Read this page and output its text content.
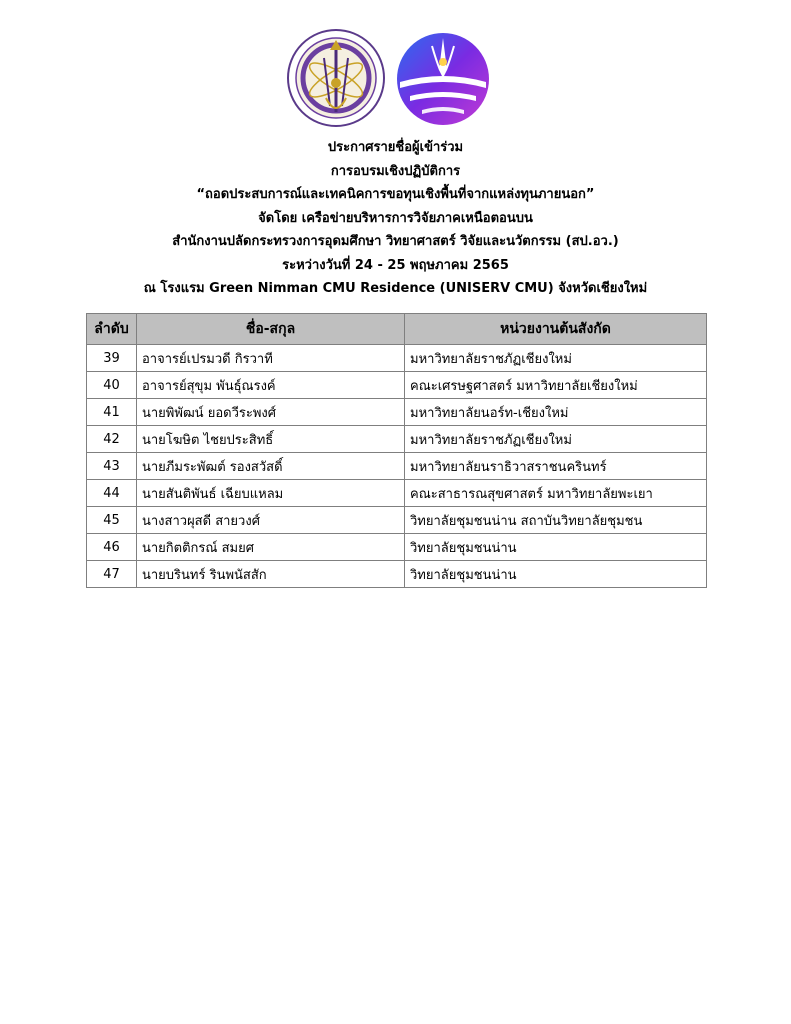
ประกาศรายชื่อผู้เข้าร่วม
การอบรมเชิงปฏิบัติการ
“ถอดประสบการณ์และเทคนิคการขอทุนเชิงพื้นที่จากแหล่งทุนภายนอก”
จัดโดย เครือข่ายบริหารการวิจัยภาคเหนือตอนบน
สำนักงานปลัดกระทรวงการอุดมศึกษา วิทยาศาสตร์ วิจัยและนวัตกรรม (สป.อว.)
ระหว่างวันที่ 24 - 25 พฤษภาคม 2565
ณ โรงแรม Green Nimman CMU Residence (UNISERV CMU) จังหวัดเชียงใหม่
ลำดับ	ชื่อ-สกุล	หน่วยงานต้นสังกัด
39	อาจารย์เปรมวดี กิรวาที	มหาวิทยาลัยราชภัฏเชียงใหม่
40	อาจารย์สุขุม พันธุ์ณรงค์	คณะเศรษฐศาสตร์ มหาวิทยาลัยเชียงใหม่
41	นายพิพัฒน์ ยอดวีระพงศ์	มหาวิทยาลัยนอร์ท-เชียงใหม่
42	นายโฆษิต ไชยประสิทธิ์	มหาวิทยาลัยราชภัฏเชียงใหม่
43	นายภีมระพัฒต์ รองสวัสดิ์	มหาวิทยาลัยนราธิวาสราชนครินทร์
44	นายสันติพันธ์ เฉียบแหลม	คณะสาธารณสุขศาสตร์ มหาวิทยาลัยพะเยา
45	นางสาวผุสดี สายวงศ์	วิทยาลัยชุมชนน่าน สถาบันวิทยาลัยชุมชน
46	นายกิตติกรณ์ สมยศ	วิทยาลัยชุมชนน่าน
47	นายบรินทร์ รินพนัสสัก	วิทยาลัยชุมชนน่าน
